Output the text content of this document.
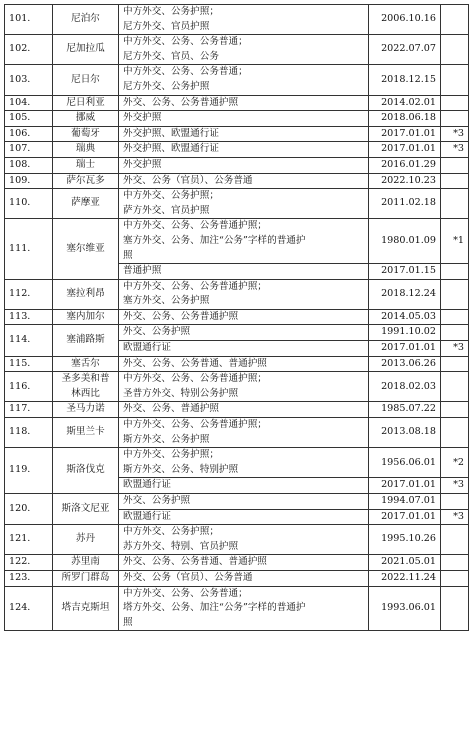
101.	尼泊尔	中方外交、公务护照；
尼方外交、官员护照	2006.10.16	
102.	尼加拉瓜	中方外交、公务、公务普通；
尼方外交、官员、公务	2022.07.07	
103.	尼日尔	中方外交、公务、公务普通；
尼方外交、公务护照	2018.12.15	
104.	尼日利亚	外交、公务、公务普通护照	2014.02.01	
105.	挪威	外交护照	2018.06.18	
106.	葡萄牙	外交护照、欧盟通行证	2017.01.01	*3
107.	瑞典	外交护照、欧盟通行证	2017.01.01	*3
108.	瑞士	外交护照	2016.01.29	
109.	萨尔瓦多	外交、公务（官员）、公务普通	2022.10.23	
110.	萨摩亚	中方外交、公务护照；
萨方外交、官员护照	2011.02.18	
111.	塞尔维亚	中方外交、公务、公务普通护照；
塞方外交、公务、加注“公务”字样的普通护
照	1980.01.09	*1

		普通护照	2017.01.15	
112.	塞拉利昂	中方外交、公务、公务普通护照；
塞方外交、公务护照	2018.12.24	
113.	塞内加尔	外交、公务、公务普通护照	2014.05.03	
114.	塞浦路斯	外交、公务护照	1991.10.02	

		欧盟通行证	2017.01.01	*3
115.	塞舌尔	外交、公务、公务普通、普通护照	2013.06.26	
116.	圣多美和普林西比	中方外交、公务、公务普通护照；
圣普方外交、特别公务护照	2018.02.03	
117.	圣马力诺	外交、公务、普通护照	1985.07.22	
118.	斯里兰卡	中方外交、公务、公务普通护照；
斯方外交、公务护照	2013.08.18	
119.	斯洛伐克	中方外交、公务护照；
斯方外交、公务、特别护照	1956.06.01	*2

		欧盟通行证	2017.01.01	*3
120.	斯洛文尼亚	外交、公务护照	1994.07.01	

		欧盟通行证	2017.01.01	*3
121.	苏丹	中方外交、公务护照；
苏方外交、特别、官员护照	1995.10.26	
122.	苏里南	外交、公务、公务普通、普通护照	2021.05.01	
123.	所罗门群岛	外交、公务（官员）、公务普通	2022.11.24	
124.	塔吉克斯坦	中方外交、公务、公务普通；
塔方外交、公务、加注“公务”字样的普通护
照	1993.06.01	
